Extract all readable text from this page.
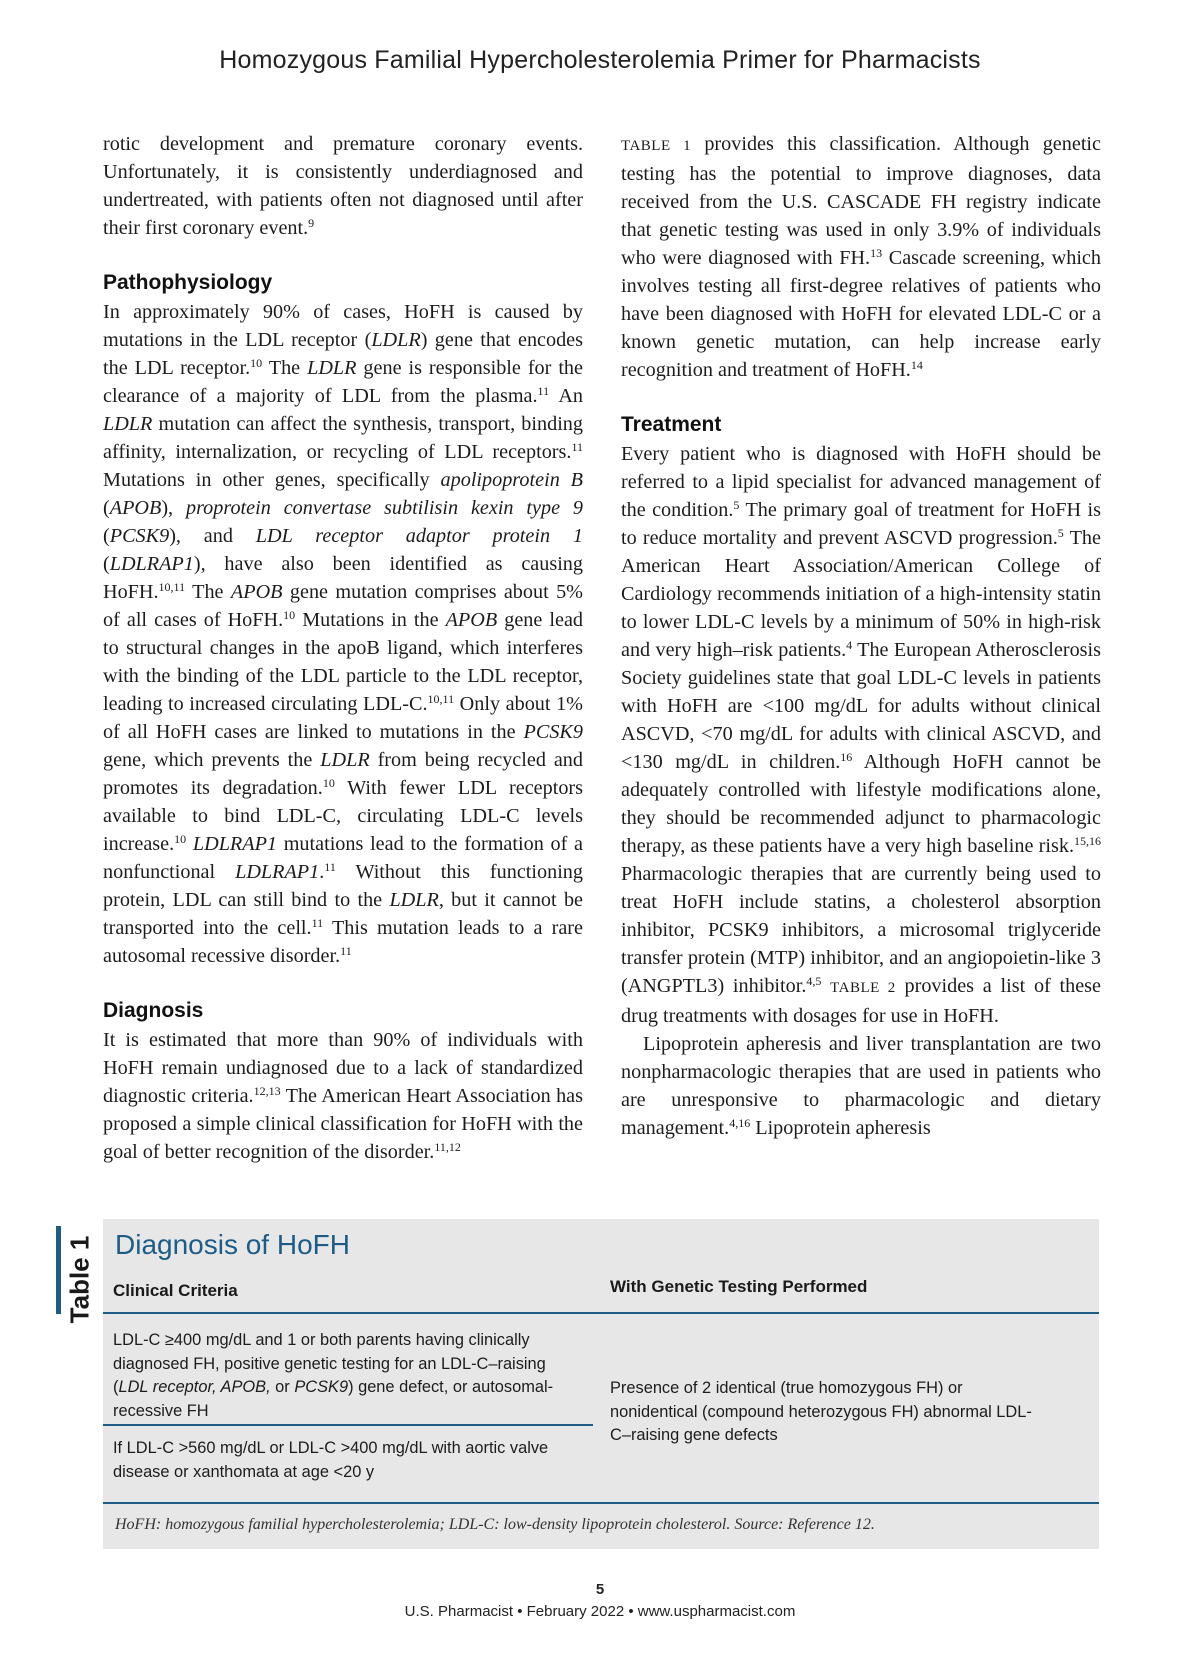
Homozygous Familial Hypercholesterolemia Primer for Pharmacists

rotic development and premature coronary events. Unfortunately, it is consistently underdiagnosed and undertreated, with patients often not diagnosed until after their first coronary event.$^9$

Pathophysiology

In approximately 90% of cases, HoFH is caused by mutations in the LDL receptor (LDLR) gene that encodes the LDL receptor.$^{10}$ The LDLR gene is responsible for the clearance of a majority of LDL from the plasma.$^{11}$ An LDLR mutation can affect the synthesis, transport, binding affinity, internalization, or recycling of LDL receptors.$^{11}$ Mutations in other genes, specifically apolipoprotein B (APOB), proprotein convertase subtilisin kexin type 9 (PCSK9), and LDL receptor adaptor protein 1 (LDLRAP1), have also been identified as causing HoFH.$^{10,11}$ The APOB gene mutation comprises about 5% of all cases of HoFH.$^{10}$ Mutations in the APOB gene lead to structural changes in the apoB ligand, which interferes with the binding of the LDL particle to the LDL receptor, leading to increased circulating LDL-C.$^{10,11}$ Only about 1% of all HoFH cases are linked to mutations in the PCSK9 gene, which prevents the LDLR from being recycled and promotes its degradation.$^{10}$ With fewer LDL receptors available to bind LDL-C, circulating LDL-C levels increase.$^{10}$ LDLRAP1 mutations lead to the formation of a nonfunctional LDLRAP1.11 Without this functioning protein, LDL can still bind to the LDLR, but it cannot be transported into the cell.$^{11}$ This mutation leads to a rare autosomal recessive disorder.$^{11}$

Diagnosis

It is estimated that more than 90% of individuals with HoFH remain undiagnosed due to a lack of standardized diagnostic criteria.$^{12,13}$ The American Heart Association has proposed a simple clinical classification for HoFH with the goal of better recognition of the disorder.$^{11,12}$

TABLE 1 provides this classification. Although genetic testing has the potential to improve diagnoses, data received from the U.S. CASCADE FH registry indicate that genetic testing was used in only 3.9% of individuals who were diagnosed with FH.$^{13}$ Cascade screening, which involves testing all first-degree relatives of patients who have been diagnosed with HoFH for elevated LDL-C or a known genetic mutation, can help increase early recognition and treatment of HoFH.$^{14}$

Treatment

Every patient who is diagnosed with HoFH should be referred to a lipid specialist for advanced management of the condition.$^5$ The primary goal of treatment for HoFH is to reduce mortality and prevent ASCVD progression.$^5$ The American Heart Association/American College of Cardiology recommends initiation of a high-intensity statin to lower LDL-C levels by a minimum of 50% in high-risk and very high–risk patients.$^4$ The European Atherosclerosis Society guidelines state that goal LDL-C levels in patients with HoFH are <100 mg/dL for adults without clinical ASCVD, <70 mg/dL for adults with clinical ASCVD, and <130 mg/dL in children.$^{16}$ Although HoFH cannot be adequately controlled with lifestyle modifications alone, they should be recommended adjunct to pharmacologic therapy, as these patients have a very high baseline risk.$^{15,16}$ Pharmacologic therapies that are currently being used to treat HoFH include statins, a cholesterol absorption inhibitor, PCSK9 inhibitors, a microsomal triglyceride transfer protein (MTP) inhibitor, and an angiopoietin-like 3 (ANGPTL3) inhibitor.$^{4,5}$ TABLE 2 provides a list of these drug treatments with dosages for use in HoFH.

Lipoprotein apheresis and liver transplantation are two nonpharmacologic therapies that are used in patients who are unresponsive to pharmacologic and dietary management.$^{4,16}$ Lipoprotein apheresis

Table 1 Diagnosis of HoFH
Clinical Criteria	With Genetic Testing Performed
LDL-C ≥400 mg/dL and 1 or both parents having clinically diagnosed FH, positive genetic testing for an LDL-C–raising (LDL receptor, APOB, or PCSK9) gene defect, or autosomal-recessive FH
If LDL-C >560 mg/dL or LDL-C >400 mg/dL with aortic valve disease or xanthomata at age <20 y
Presence of 2 identical (true homozygous FH) or nonidentical (compound heterozygous FH) abnormal LDL-C–raising gene defects
HoFH: homozygous familial hypercholesterolemia; LDL-C: low-density lipoprotein cholesterol. Source: Reference 12.
5
U.S. Pharmacist • February 2022 • www.uspharmacist.com
